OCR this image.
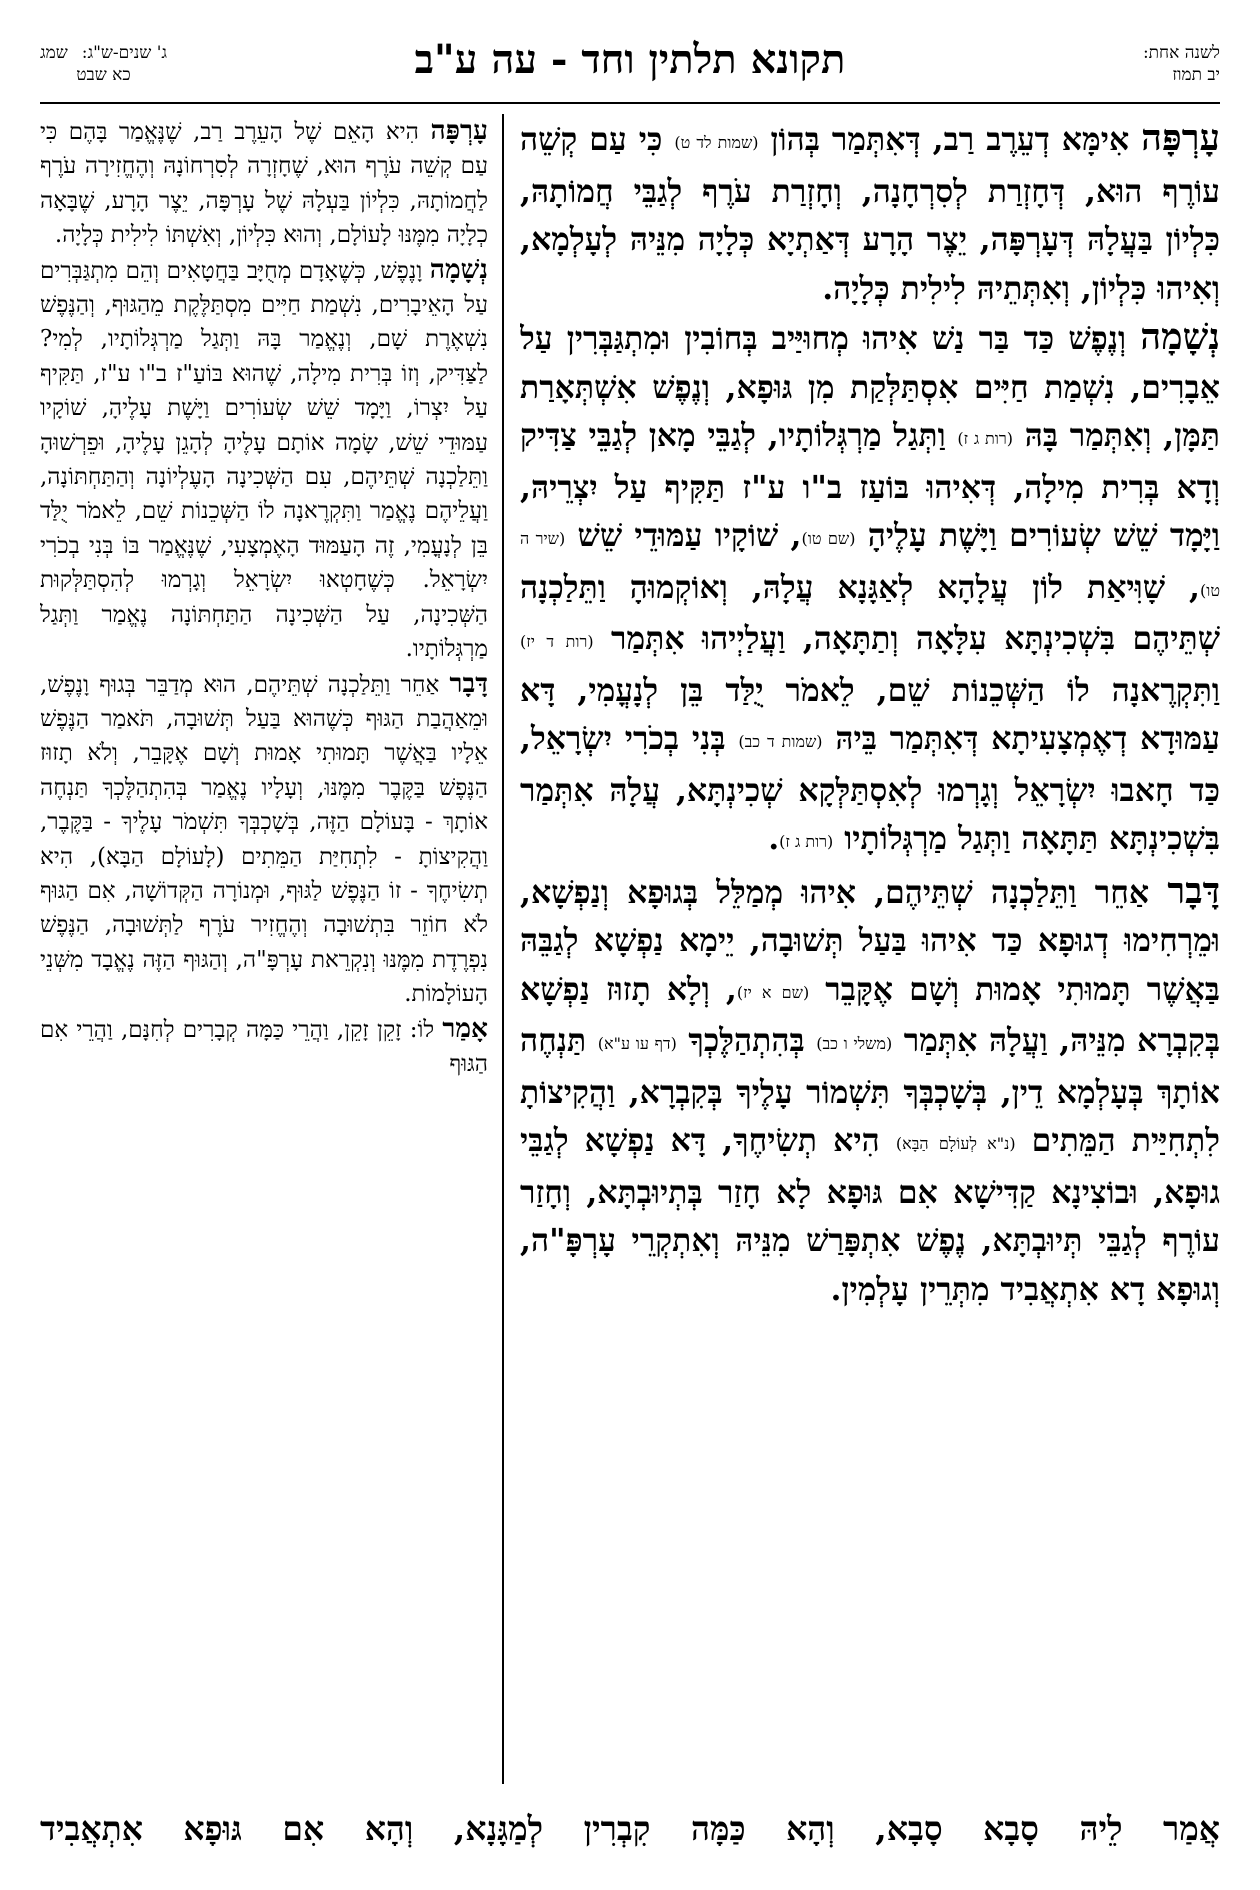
לשנה אחת:
יב תמוז
תקונא תלתין וחד - עה ע"ב
שמג ג' שנים-ש"ג:
כא שבט

עָרְפָּה אִימָּא דְעֵרֶב רַב, דְּאִתְּמַר בְּהוֹן (שמות לד ט) כִּי עַם קְשֵׁה עוֹרֶף הוּא, דְּחָזְרַת לְסִרְחָנָה, וְחָזְרַת עֹרֶף לְגַבֵּי חֲמוֹתָהּ, כִּלְיוֹן בַּעֲלָהּ דְּעָרְפָּה, יֵצֶר הָרָע דְּאַתְיָא כְּלָיָה מִנֵּיהּ לְעָלְמָא, וְאִיהוּ כִּלְיוֹן, וְאִתְּתֵיהּ לִילִית כְּלָיָה.

נְשָׁמָה וְנֶפֶשׁ כַּד בַּר נַשׁ אִיהוּ מְחוּיַּיב בְּחוֹבִין וּמִתְגַּבְּרִין עַל אֵבָרִים, נִשְׁמַת חַיִּים אִסְתַּלְּקַת מִן גּוּפָא, וְנֶפֶשׁ אִשְׁתְּאָרַת תַּמָּן, וְאִתְּמַר בָּהּ (רות ג ז) וַתְּגַל מַרְגְּלוֹתָיו, לְגַבֵּי מָאן לְגַבֵּי צַדִּיק וְדָא בְּרִית מִילָה, דְּאִיהוּ בּוֹעַז ב"ו ע"ז תַּקִּיף עַל יִצְרֵיהּ, וַיָּמָד שֵׁשׁ שְׂעוֹרִים וַיָּשֶׁת עָלֶיהָ (שם טו), שׁוֹקָיו עַמּוּדֵי שֵׁשׁ (שיר ה טו), שָׁוִּיאַת לוֹן עֲלָהָא לְאַגָּנָא עֲלָהּ, וְאוֹקְמוּהָ וַתֵּלַכְנָה שְׁתֵּיהֶם בִּשְׁכִינְתָּא עִלָּאָה וְתַתָּאָה, וַעֲלַיְיהוּ אִתְּמַר (רות ד יז) וַתִּקְרֶאנָה לוֹ הַשְּׁכֵנוֹת שֵׁם, לֵאמֹר יֻלַּד בֵּן לְנָעֳמִי, דָּא עַמּוּדָא דְאֶמְצָעִיתָא דְּאִתְּמַר בֵּיהּ (שמות ד כב) בְּנִי בְכֹרִי יִשְׂרָאֵל, כַּד חָאבוּ יִשְׂרָאֵל וְגָרְמוּ לְאִסְתַּלְּקָא שְׁכִינְתָּא, עֲלָהּ אִתְּמַר בִּשְׁכִינְתָּא תַּתָּאָה וַתְּגַל מַרְגְּלוֹתָיו (רות ג ז).

דָּבָר אַחֵר וַתֵּלַכְנָה שְׁתֵּיהֶם, אִיהוּ מְמַלֵּל בְּגוּפָא וְנַפְשָׁא, וּמֵרְחִימוּ דְגוּפָא כַּד אִיהוּ בַּעַל תְּשׁוּבָה, יֵימָא נַפְשָׁא לְגַבֵּהּ בַּאֲשֶׁר תָּמוּתִי אָמוּת וְשָׁם אֶקָּבֵר (שם א יז), וְלָא תָזוּז נַפְשָׁא בְּקִבְרָא מִנֵּיהּ, וַעֲלָהּ אִתְּמַר (משלי ו כב) בְּהִתְהַלֶּכְךָ (דף עו ע"א) תַּנְחֶה אוֹתָךְ בְּעָלְמָא דֵין, בְּשָׁכְבְּךָ תִּשְׁמוֹר עָלֶיךָ בְּקִבְרָא, וַהֲקִיצוֹתָ לִתְחִיַּית הַמֵּתִים (נ"א לְעוֹלָם הַבָּא) הִיא תְשִׂיחֶךָ, דָּא נַפְשָׁא לְגַבֵּי גוּפָא, וּבוֹצִינָא קַדִּישָׁא אִם גּוּפָא לָא חָזַר בְּתְיוּבְתָּא, וְחָזַר עוֹרֶף לְגַבֵּי תְּיוּבְתָּא, נֶפֶשׁ אִתְפָּרַשׁ מִנֵּיהּ וְאִתְקְרֵי עָרְפָּ"ה, וְגוּפָא דָא אִתְאֲבִיד מִתְּרֵין עָלְמִין.

עָרְפָּה הִיא הָאֵם שֶׁל הָעֵרֶב רַב, שֶׁנֶּאֱמַר בָּהֶם כִּי עַם קְשֵׁה עֹרֶף הוּא, שֶׁחָזְרָה לְסִרְחוֹנָהּ וְהֶחֱזִירָה עֹרֶף לַחֲמוֹתָהּ, כִּלְיוֹן בַּעְלָהּ שֶׁל עָרְפָּה, יֵצֶר הָרָע, שֶׁבָּאָה כְלָיָה מִמֶּנּוּ לָעוֹלָם, וְהוּא כִּלְיוֹן, וְאִשְׁתּוֹ לִילִית כְּלָיָה.

נְשָׁמָה וָנֶפֶשׁ, כְּשֶׁאָדָם מְחֻיָּב בַּחֲטָאִים וְהֵם מִתְגַּבְּרִים עַל הָאֵיבָרִים, נִשְׁמַת חַיִּים מִסְתַּלֶּקֶת מֵהַגּוּף, וְהַנֶּפֶשׁ נִשְׁאֶרֶת שָׁם, וְנֶאֱמַר בָּהּ וַתְּגַל מַרְגְּלוֹתָיו, לְמִי? לַצַּדִּיק, וְזוֹ בְּרִית מִילָה, שֶׁהוּא בּוֹעַ"ז ב"ו ע"ז, תַּקִּיף עַל יִצְרוֹ, וַיָּמָד שֵׁשׁ שְׂעוֹרִים וַיָּשֶׁת עָלֶיהָ, שׁוֹקָיו עַמּוּדֵי שֵׁשׁ, שָׂמָה אוֹתָם עָלֶיהָ לְהָגֵן עָלֶיהָ, וּפֵרְשׁוּהָ וַתֵּלַכְנָה שְׁתֵּיהֶם, עִם הַשְּׁכִינָה הָעֶלְיוֹנָה וְהַתַּחְתּוֹנָה, וַעֲלֵיהֶם נֶאֱמַר וַתִּקְרֶאנָה לוֹ הַשְּׁכֵנוֹת שֵׁם, לֵאמֹר יֻלַּד בֵּן לְנָעֳמִי, זֶה הָעַמּוּד הָאֶמְצָעִי, שֶׁנֶּאֱמַר בּוֹ בְּנִי בְכֹרִי יִשְׂרָאֵל. כְּשֶׁחָטְאוּ יִשְׂרָאֵל וְגָרְמוּ לְהִסְתַּלְּקוּת הַשְּׁכִינָה, עַל הַשְּׁכִינָה הַתַּחְתּוֹנָה נֶאֱמַר וַתְּגַל מַרְגְּלוֹתָיו.

דָּבָר אַחֵר וַתֵּלַכְנָה שְׁתֵּיהֶם, הוּא מְדַבֵּר בְּגוּף וָנֶפֶשׁ, וּמֵאַהֲבַת הַגּוּף כְּשֶׁהוּא בַּעַל תְּשׁוּבָה, תֹּאמַר הַנֶּפֶשׁ אֵלָיו בַּאֲשֶׁר תָּמוּתִי אָמוּת וְשָׁם אֶקָּבֵר, וְלֹא תָזוּז הַנֶּפֶשׁ בַּקֶּבֶר מִמֶּנּוּ, וְעָלָיו נֶאֱמַר בְּהִתְהַלֶּכְךָ תַּנְחֶה אוֹתָךְ - בָּעוֹלָם הַזֶּה, בְּשָׁכְבְּךָ תִּשְׁמֹר עָלֶיךָ - בַּקֶּבֶר, וַהֲקִיצוֹתָ - לִתְחִיַּת הַמֵּתִים (לָעוֹלָם הַבָּא), הִיא תְשִׂיחֶךָ - זוֹ הַנֶּפֶשׁ לַגּוּף, וּמְנוֹרָה הַקְּדוֹשָׁה, אִם הַגּוּף לֹא חוֹזֵר בִּתְשׁוּבָה וְהֶחֱזִיר עֹרֶף לַתְּשׁוּבָה, הַנֶּפֶשׁ נִפְרֶדֶת מִמֶּנּוּ וְנִקְרֵאת עָרְפָּ"ה, וְהַגּוּף הַזֶּה נֶאֱבָד מִשְּׁנֵי הָעוֹלָמוֹת.

אָמַר לוֹ: זָקֵן זָקֵן, וַהֲרֵי כַּמָּה קְבָרִים לְחִנָּם, וַהֲרֵי אִם הַגּוּף

אֲמַר לֵיהּ סָבָא סָבָא, וְהָא כַּמָּה קִבְרִין לְמַגָּנָא, וְהָא אִם גּוּפָא אִתְאֲבִיד
